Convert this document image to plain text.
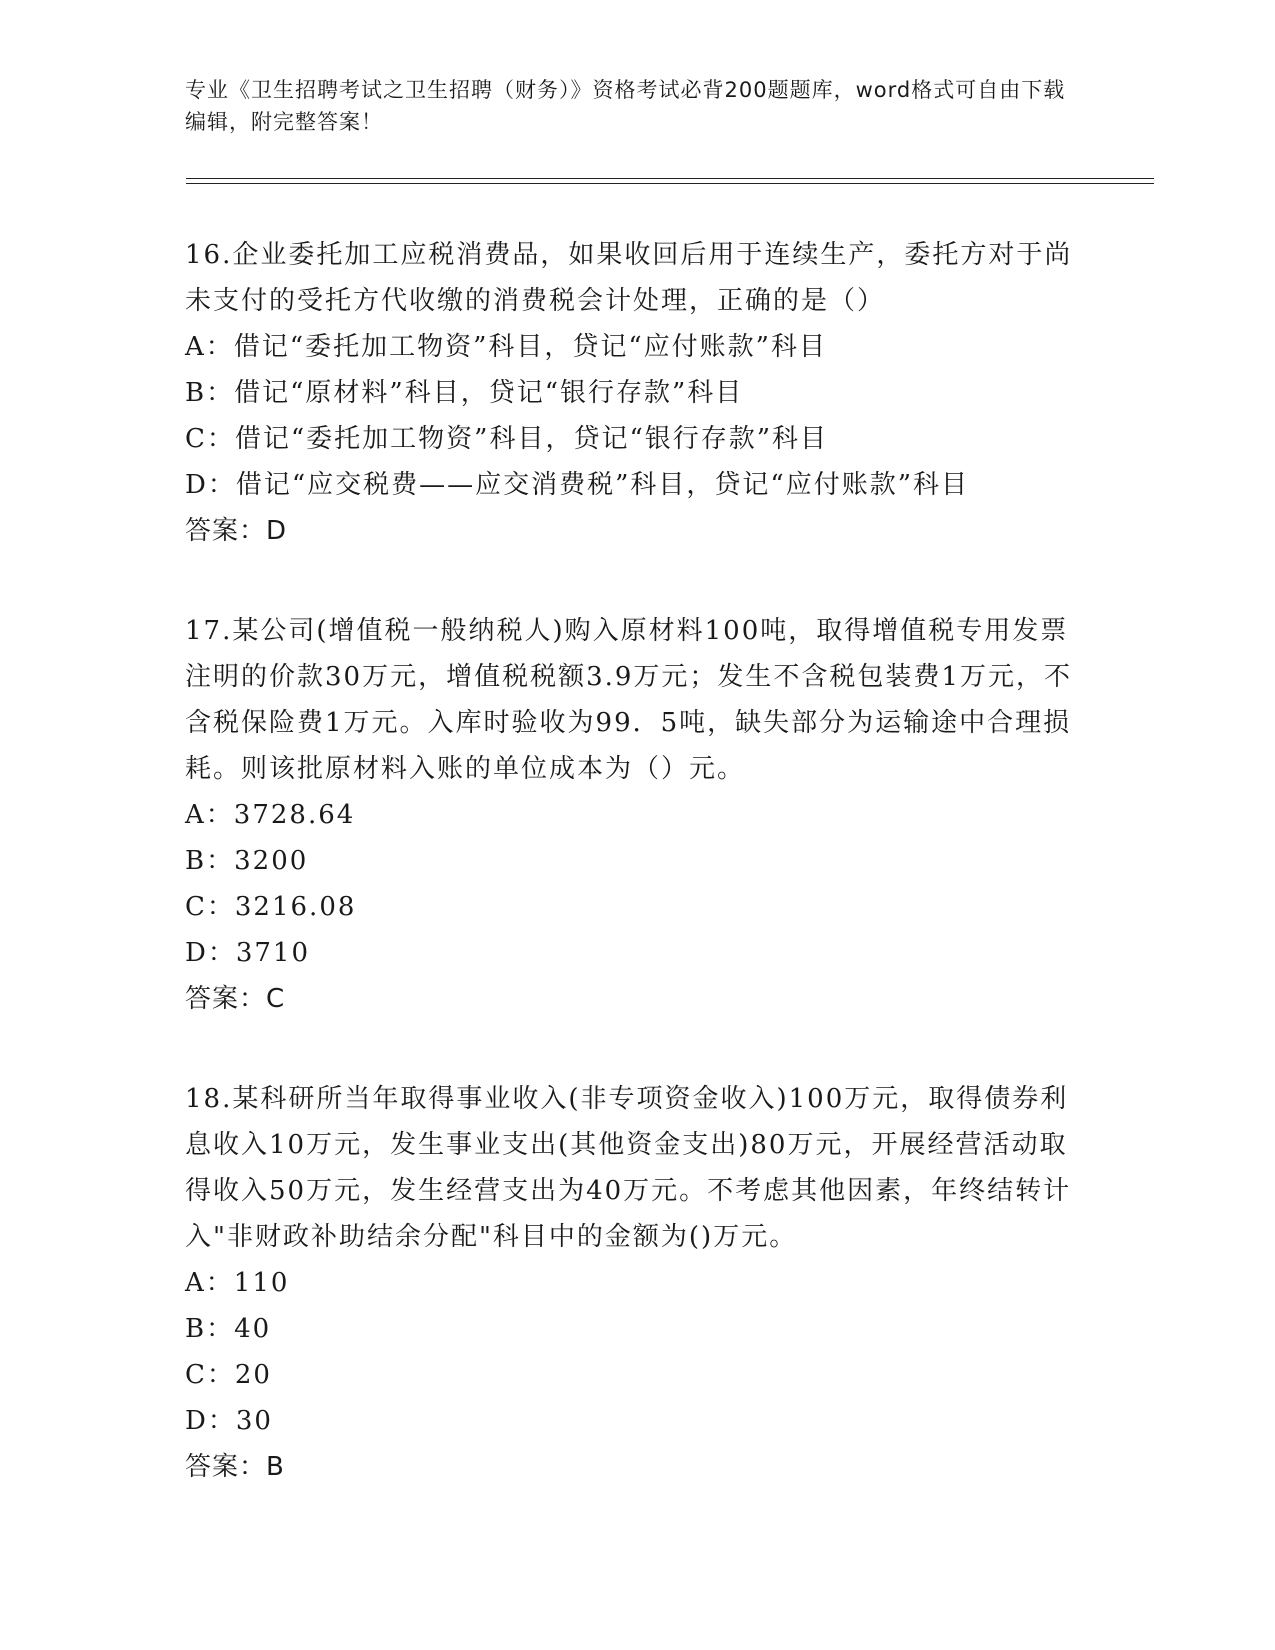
专业《卫生招聘考试之卫生招聘（财务）》资格考试必背200题题库，word格式可自由下载编辑，附完整答案！
16.企业委托加工应税消费品，如果收回后用于连续生产，委托方对于尚未支付的受托方代收缴的消费税会计处理，正确的是（）
A：借记“委托加工物资”科目，贷记“应付账款”科目
B：借记“原材料”科目，贷记“银行存款”科目
C：借记“委托加工物资”科目，贷记“银行存款”科目
D：借记“应交税费——应交消费税”科目，贷记“应付账款”科目
答案：D
17.某公司(增值税一般纳税人)购入原材料100吨，取得增值税专用发票注明的价款30万元，增值税税额3.9万元；发生不含税包装费1万元，不含税保险费1万元。入库时验收为99．5吨，缺失部分为运输途中合理损耗。则该批原材料入账的单位成本为（）元。
A：3728.64
B：3200
C：3216.08
D：3710
答案：C
18.某科研所当年取得事业收入(非专项资金收入)100万元，取得债券利息收入10万元，发生事业支出(其他资金支出)80万元，开展经营活动取得收入50万元，发生经营支出为40万元。不考虑其他因素，年终结转计入"非财政补助结余分配"科目中的金额为()万元。
A：110
B：40
C：20
D：30
答案：B
